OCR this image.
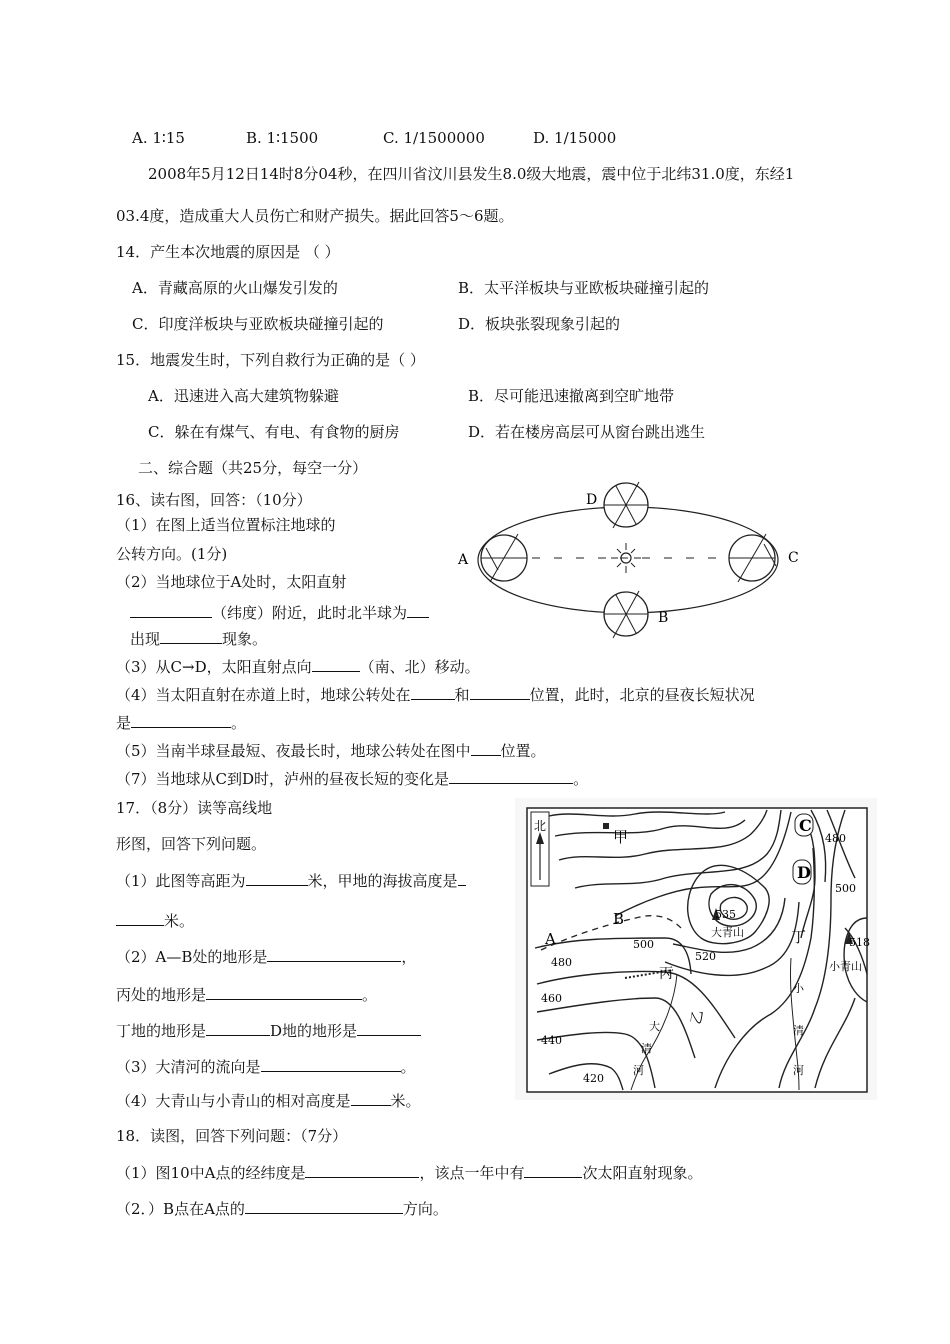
A. 1∶15	B. 1∶1500	C. 1/1500000	D. 1/15000
2008年5月12日14时8分04秒，在四川省汶川县发生8.0级大地震，震中位于北纬31.0度，东经1
03.4度，造成重大人员伤亡和财产损失。据此回答5～6题。
14．产生本次地震的原因是 （ ）
A．青藏高原的火山爆发引发的	B．太平洋板块与亚欧板块碰撞引起的
C．印度洋板块与亚欧板块碰撞引起的	D．板块张裂现象引起的
15．地震发生时，下列自救行为正确的是（ ）
A．迅速进入高大建筑物躲避	B．尽可能迅速撤离到空旷地带
C．躲在有煤气、有电、有食物的厨房	D．若在楼房高层可从窗台跳出逃生
二、综合题（共25分，每空一分）
16、读右图，回答：（10分）
（1）在图上适当位置标注地球的
公转方向。(1分)
（2）当地球位于A处时，太阳直射
（纬度）附近，此时北半球为
出现	现象。
（3）从C→D，太阳直射点向	（南、北）移动。
（4）当太阳直射在赤道上时，地球公转处在	和	位置，此时，北京的昼夜长短状况
是	。
（5）当南半球昼最短、夜最长时，地球公转处在图中 位置。
（7）当地球从C到D时，泸州的昼夜长短的变化是	。
A
D
C
B
17．（8分）读等高线地
形图，回答下列问题。
（1）此图等高距为	米，甲地的海拔高度是
米。
（2）A—B处的地形是	，
丙处的地形是	。
丁地的地形是	D地的地形是
（3）大清河的流向是	。
（4）大青山与小青山的相对高度是	米。
北
甲
C
D
A
B
丙
乙
丁
535
大青山
518
小青山
480
500
500
520
480
460
440
420
大
清
河
小
清
河
18．读图，回答下列问题：（7分）
（1）图10中A点的经纬度是	，该点一年中有	次太阳直射现象。
（2．）B点在A点的	方向。
